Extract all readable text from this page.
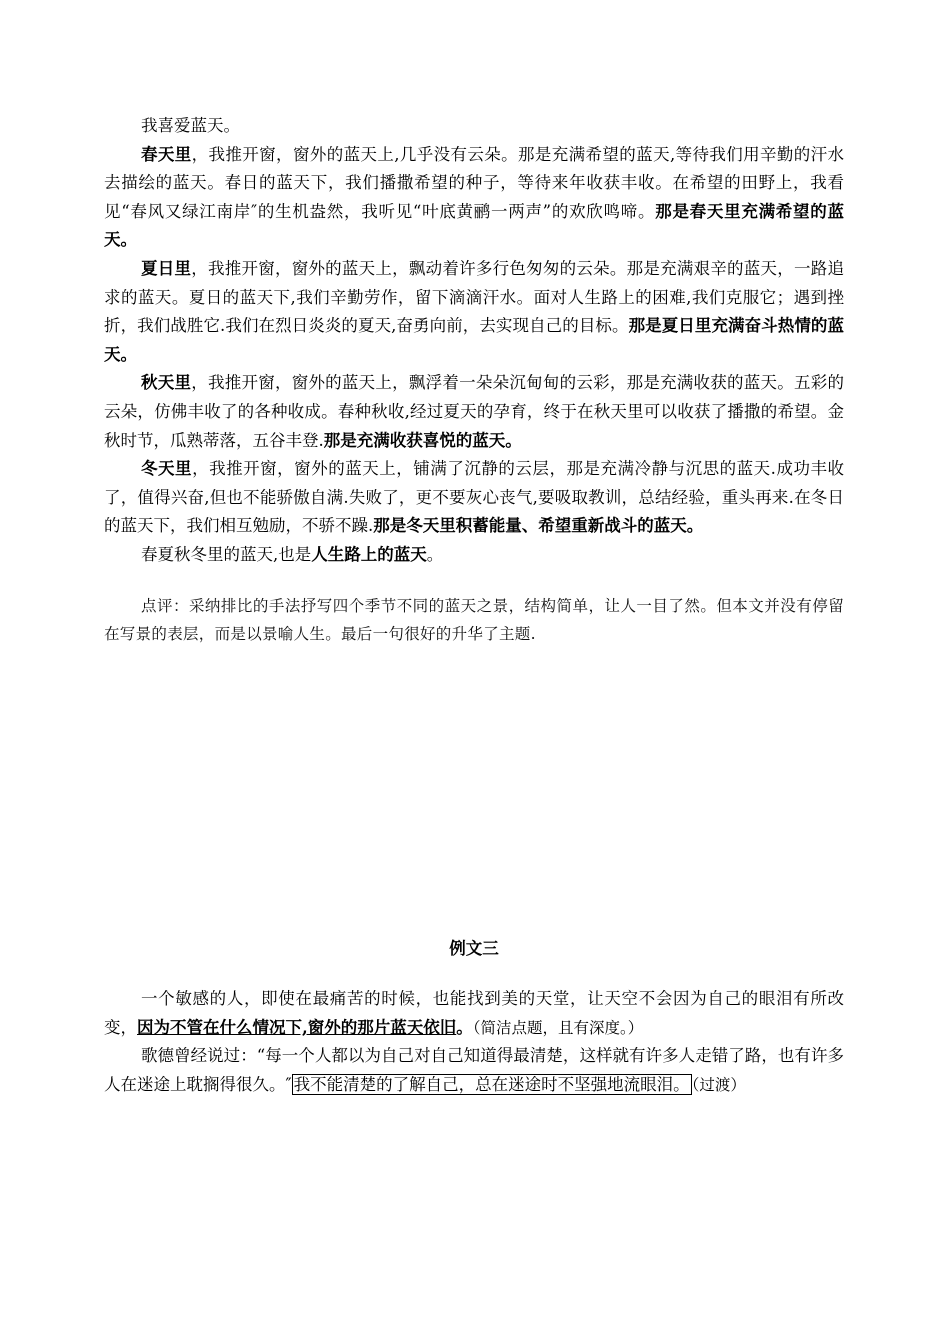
我喜爱蓝天。

春天里，我推开窗，窗外的蓝天上,几乎没有云朵。那是充满希望的蓝天,等待我们用辛勤的汗水去描绘的蓝天。春日的蓝天下，我们播撒希望的种子，等待来年收获丰收。在希望的田野上，我看见“春风又绿江南岸″的生机盎然，我听见“叶底黄鹂一两声”的欢欣鸣啼。那是春天里充满希望的蓝天。

夏日里，我推开窗，窗外的蓝天上，飘动着许多行色匆匆的云朵。那是充满艰辛的蓝天，一路追求的蓝天。夏日的蓝天下,我们辛勤劳作，留下滴滴汗水。面对人生路上的困难,我们克服它；遇到挫折，我们战胜它.我们在烈日炎炎的夏天,奋勇向前，去实现自己的目标。那是夏日里充满奋斗热情的蓝天。

秋天里，我推开窗，窗外的蓝天上，飘浮着一朵朵沉甸甸的云彩，那是充满收获的蓝天。五彩的云朵，仿佛丰收了的各种收成。春种秋收,经过夏天的孕育，终于在秋天里可以收获了播撒的希望。金秋时节，瓜熟蒂落，五谷丰登.那是充满收获喜悦的蓝天。

冬天里，我推开窗，窗外的蓝天上，铺满了沉静的云层，那是充满冷静与沉思的蓝天.成功丰收了，值得兴奋,但也不能骄傲自满.失败了，更不要灰心丧气,要吸取教训，总结经验，重头再来.在冬日的蓝天下，我们相互勉励，不骄不躁.那是冬天里积蓄能量、希望重新战斗的蓝天。

春夏秋冬里的蓝天,也是人生路上的蓝天。

点评：采纳排比的手法抒写四个季节不同的蓝天之景，结构简单，让人一目了然。但本文并没有停留在写景的表层，而是以景喻人生。最后一句很好的升华了主题.

例文三

一个敏感的人，即使在最痛苦的时候，也能找到美的天堂，让天空不会因为自己的眼泪有所改变，因为不管在什么情况下,窗外的那片蓝天依旧。（简洁点题，且有深度。）

歌德曾经说过：“每一个人都以为自己对自己知道得最清楚，这样就有许多人走错了路，也有许多人在迷途上耽搁得很久。″ 我不能清楚的了解自己，总在迷途时不坚强地流眼泪。 （过渡）
